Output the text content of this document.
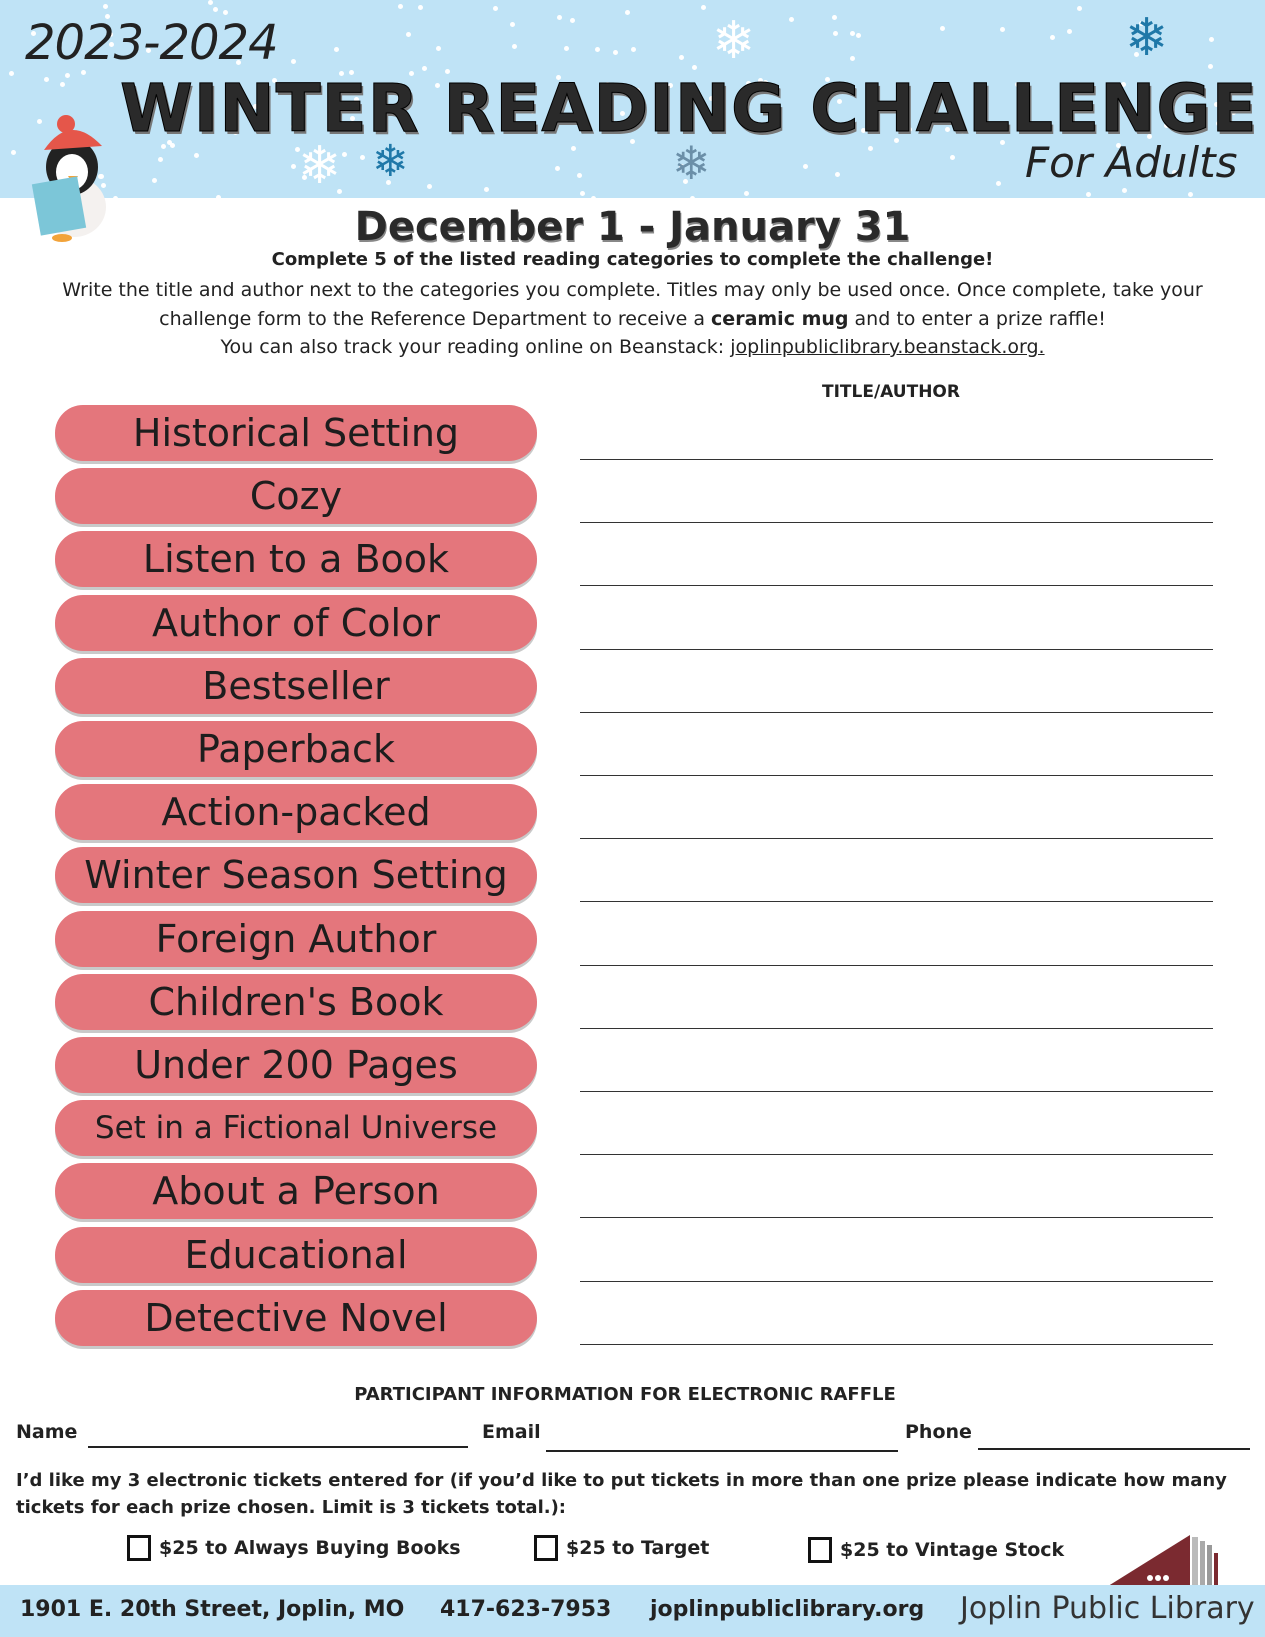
2023-2024
WINTER READING CHALLENGE
For Adults
❄	❄
❄ ❄	❄
December 1 - January 31
Complete 5 of the listed reading categories to complete the challenge!
Write the title and author next to the categories you complete. Titles may only be used once. Once complete, take your
challenge form to the Reference Department to receive a ceramic mug and to enter a prize raffle!
You can also track your reading online on Beanstack: joplinpubliclibrary.beanstack.org.
TITLE/AUTHOR
Historical Setting
Cozy
Listen to a Book
Author of Color
Bestseller
Paperback
Action-packed
Winter Season Setting
Foreign Author
Children's Book
Under 200 Pages
Set in a Fictional Universe
About a Person
Educational
Detective Novel
PARTICIPANT INFORMATION FOR ELECTRONIC RAFFLE
Name	Email	Phone
I’d like my 3 electronic tickets entered for (if you’d like to put tickets in more than one prize please indicate how many tickets for each prize chosen. Limit is 3 tickets total.):
$25 to Always Buying Books	$25 to Target	$25 to Vintage Stock
1901 E. 20th Street, Joplin, MO 417-623-7953 joplinpubliclibrary.org Joplin Public Library
